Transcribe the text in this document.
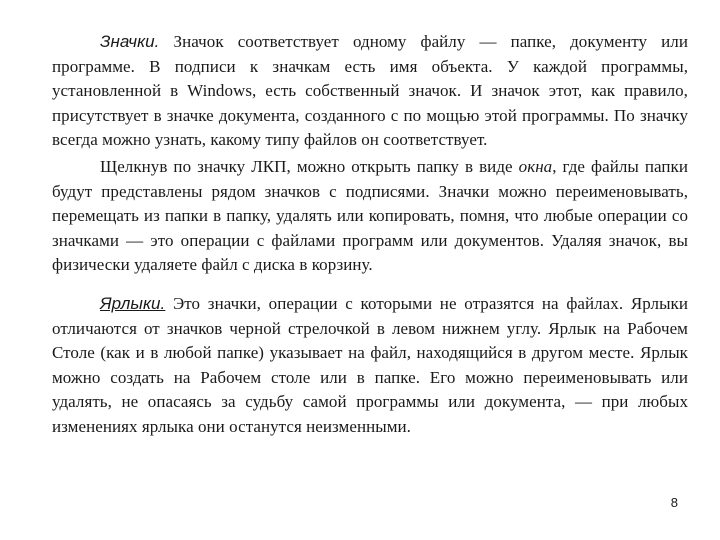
Значки. Значок соответствует одному файлу — папке, документу или программе. В подписи к значкам есть имя объекта. У каждой программы, установленной в Windows, есть собственный значок. И значок этот, как правило, присутствует в значке документа, созданного с по мощью этой программы. По значку всегда можно узнать, какому типу файлов он соответствует.

Щелкнув по значку ЛКП, можно открыть папку в виде окна, где файлы папки будут представлены рядом значков с подписями. Значки можно переименовывать, перемещать из папки в папку, удалять или копировать, помня, что любые операции со значками — это операции с файлами программ или документов. Удаляя значок, вы физически удаляете файл с диска в корзину.

Ярлыки. Это значки, операции с которыми не отразятся на файлах. Ярлыки отличаются от значков черной стрелочкой в левом нижнем углу. Ярлык на Рабочем Столе (как и в любой папке) указывает на файл, находящийся в другом месте. Ярлык можно создать на Рабочем столе или в папке. Его можно переименовывать или удалять, не опасаясь за судьбу самой программы или документа, — при любых изменениях ярлыка они останутся неизменными.

8
